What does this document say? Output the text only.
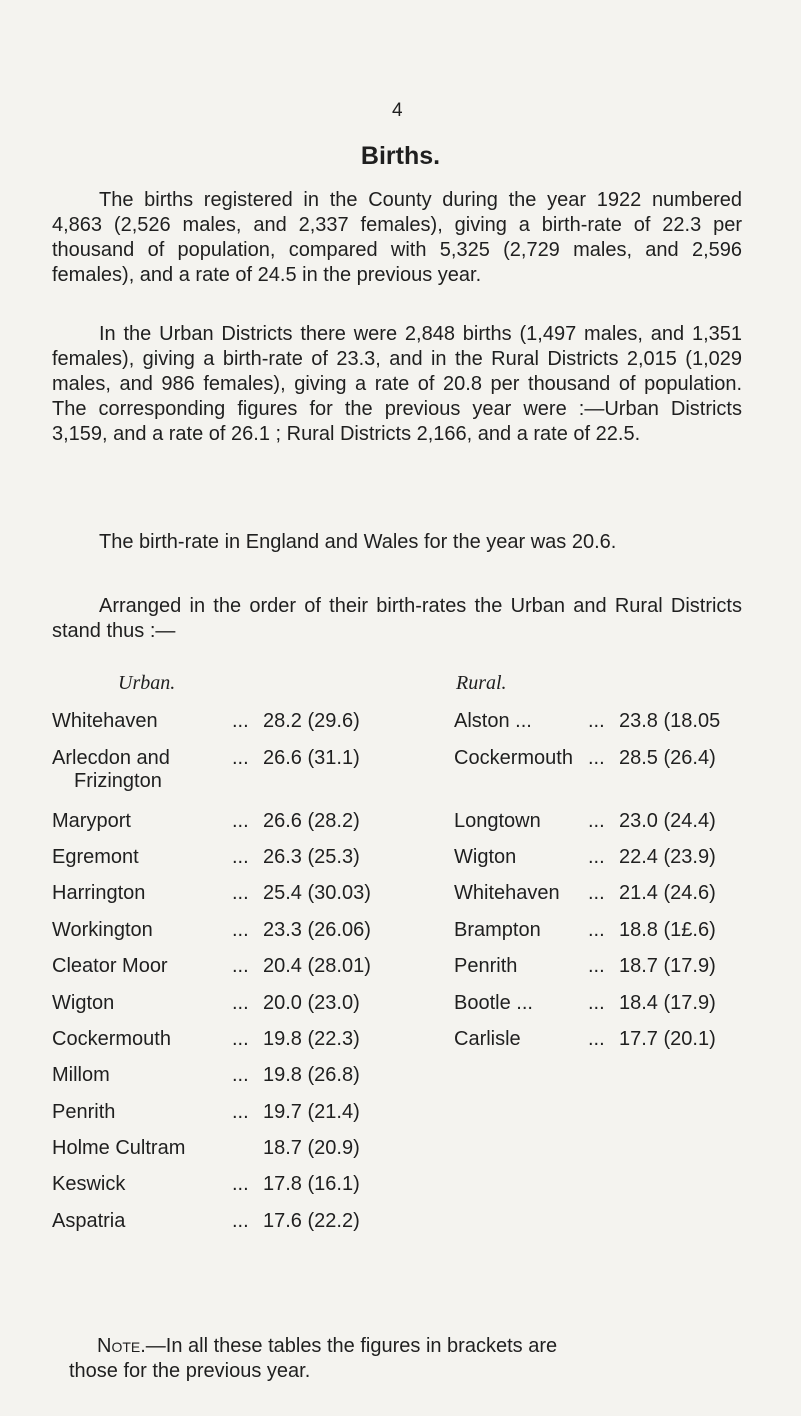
4
Births.

The births registered in the County during the year 1922 numbered 4,863 (2,526 males, and 2,337 females), giving a birth-rate of 22.3 per thousand of population, compared with 5,325 (2,729 males, and 2,596 females), and a rate of 24.5 in the previous year.

In the Urban Districts there were 2,848 births (1,497 males, and 1,351 females), giving a birth-rate of 23.3, and in the Rural Districts 2,015 (1,029 males, and 986 females), giving a rate of 20.8 per thousand of population. The corresponding figures for the previous year were :—Urban Districts 3,159, and a rate of 26.1 ; Rural Districts 2,166, and a rate of 22.5.

The birth-rate in England and Wales for the year was 20.6.

Arranged in the order of their birth-rates the Urban and Rural Districts stand thus :—

Urban.	Rural.
Whitehaven	... 28.2 (29.6)
Arlecdon and	... 26.6 (31.1)
Frizington
Maryport	... 26.6 (28.2)
Egremont	... 26.3 (25.3)
Harrington	... 25.4 (30.03)
Workington	... 23.3 (26.06)
Cleator Moor	... 20.4 (28.01)
Wigton	... 20.0 (23.0)
Cockermouth	... 19.8 (22.3)
Millom	... 19.8 (26.8)
Penrith	... 19.7 (21.4)
Holme Cultram	18.7 (20.9)
Keswick	... 17.8 (16.1)
Aspatria	... 17.6 (22.2)
Alston ...	... 23.8 (18.05
Cockermouth ... 28.5 (26.4)
Longtown ... 23.0 (24.4)
Wigton	... 22.4 (23.9)
Whitehaven ... 21.4 (24.6)
Brampton ... 18.8 (1£.6)
Penrith	... 18.7 (17.9)
Bootle ...	... 18.4 (17.9)
Carlisle	... 17.7 (20.1)
Note.—In all these tables the figures in brackets are
those for the previous year.
